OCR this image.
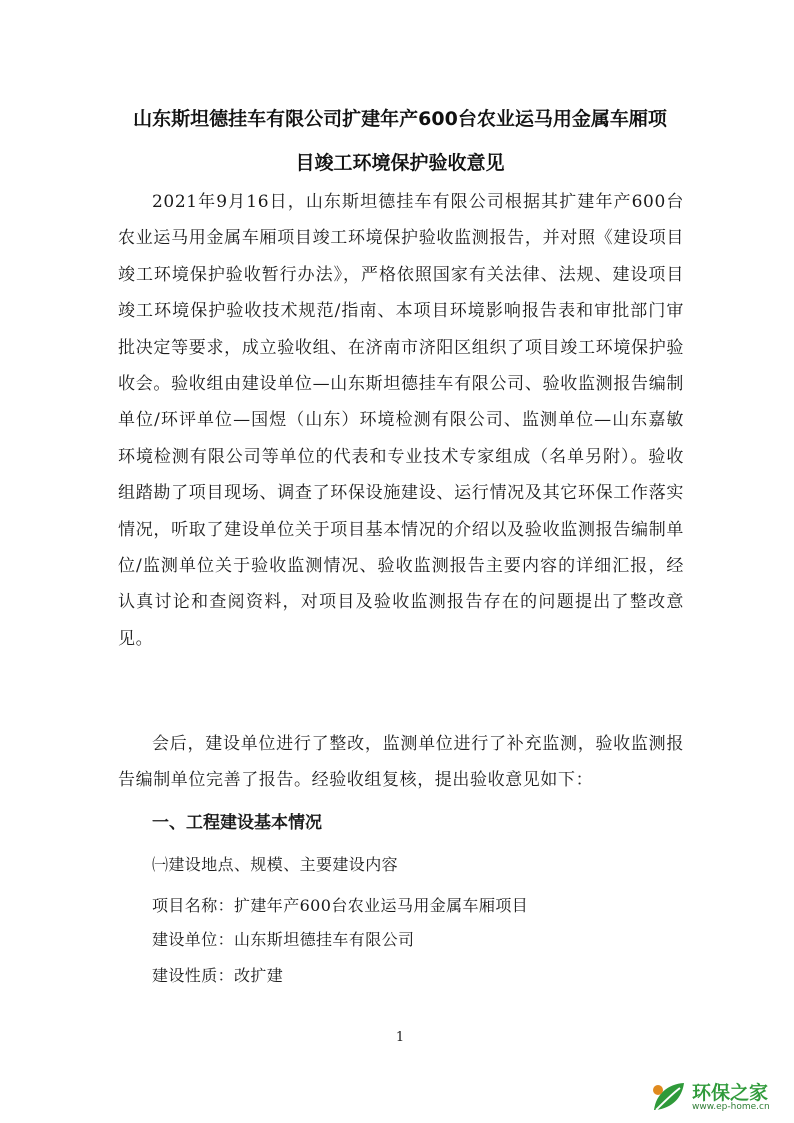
山东斯坦德挂车有限公司扩建年产600台农业运马用金属车厢项
目竣工环境保护验收意见
2021年9月16日，山东斯坦德挂车有限公司根据其扩建年产600台农业运马用金属车厢项目竣工环境保护验收监测报告，并对照《建设项目竣工环境保护验收暂行办法》，严格依照国家有关法律、法规、建设项目竣工环境保护验收技术规范/指南、本项目环境影响报告表和审批部门审批决定等要求，成立验收组、在济南市济阳区组织了项目竣工环境保护验收会。验收组由建设单位—山东斯坦德挂车有限公司、验收监测报告编制单位/环评单位—国煜（山东）环境检测有限公司、监测单位—山东嘉敏环境检测有限公司等单位的代表和专业技术专家组成（名单另附）。验收组踏勘了项目现场、调查了环保设施建设、运行情况及其它环保工作落实情况，听取了建设单位关于项目基本情况的介绍以及验收监测报告编制单位/监测单位关于验收监测情况、验收监测报告主要内容的详细汇报，经认真讨论和查阅资料，对项目及验收监测报告存在的问题提出了整改意见。
会后，建设单位进行了整改，监测单位进行了补充监测，验收监测报告编制单位完善了报告。经验收组复核，提出验收意见如下：
一、工程建设基本情况
㈠建设地点、规模、主要建设内容
项目名称：扩建年产600台农业运马用金属车厢项目
建设单位：山东斯坦德挂车有限公司
建设性质：改扩建
1
环保之家
www.ep-home.cn
